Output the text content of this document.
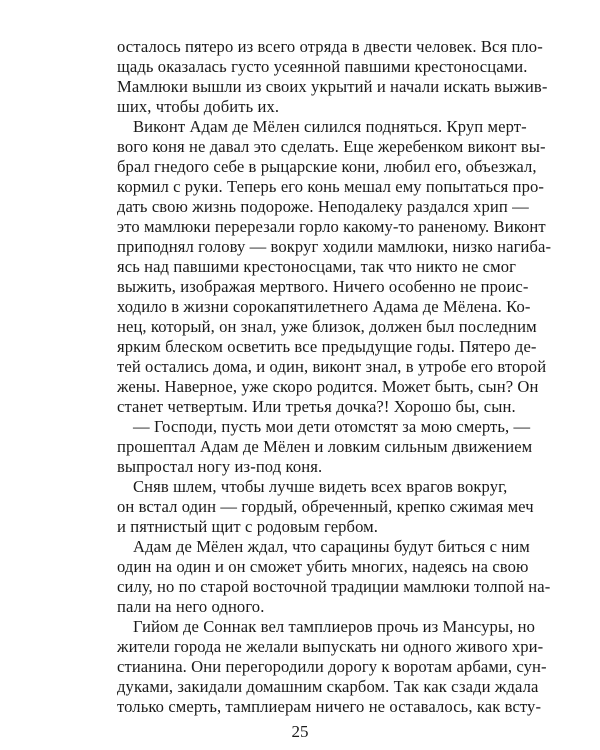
осталось пятеро из всего отряда в двести человек. Вся пло-
щадь оказалась густо усеянной павшими крестоносцами.
Мамлюки вышли из своих укрытий и начали искать выжив-
ших, чтобы добить их.
Виконт Адам де Мёлен силился подняться. Круп мерт-
вого коня не давал это сделать. Еще жеребенком виконт вы-
брал гнедого себе в рыцарские кони, любил его, объезжал,
кормил с руки. Теперь его конь мешал ему попытаться про-
дать свою жизнь подороже. Неподалеку раздался хрип —
это мамлюки перерезали горло какому-то раненому. Виконт
приподнял голову — вокруг ходили мамлюки, низко нагиба-
ясь над павшими крестоносцами, так что никто не смог
выжить, изображая мертвого. Ничего особенно не проис-
ходило в жизни сорокапятилетнего Адама де Мёлена. Ко-
нец, который, он знал, уже близок, должен был последним
ярким блеском осветить все предыдущие годы. Пятеро де-
тей остались дома, и один, виконт знал, в утробе его второй
жены. Наверное, уже скоро родится. Может быть, сын? Он
станет четвертым. Или третья дочка?! Хорошо бы, сын.
— Господи, пусть мои дети отомстят за мою смерть, —
прошептал Адам де Мёлен и ловким сильным движением
выпростал ногу из-под коня.
Сняв шлем, чтобы лучше видеть всех врагов вокруг,
он встал один — гордый, обреченный, крепко сжимая меч
и пятнистый щит с родовым гербом.
Адам де Мёлен ждал, что сарацины будут биться с ним
один на один и он сможет убить многих, надеясь на свою
силу, но по старой восточной традиции мамлюки толпой на-
пали на него одного.
Гийом де Соннак вел тамплиеров прочь из Мансуры, но
жители города не желали выпускать ни одного живого хри-
стианина. Они перегородили дорогу к воротам арбами, сун-
дуками, закидали домашним скарбом. Так как сзади ждала
только смерть, тамплиерам ничего не оставалось, как всту-
25
